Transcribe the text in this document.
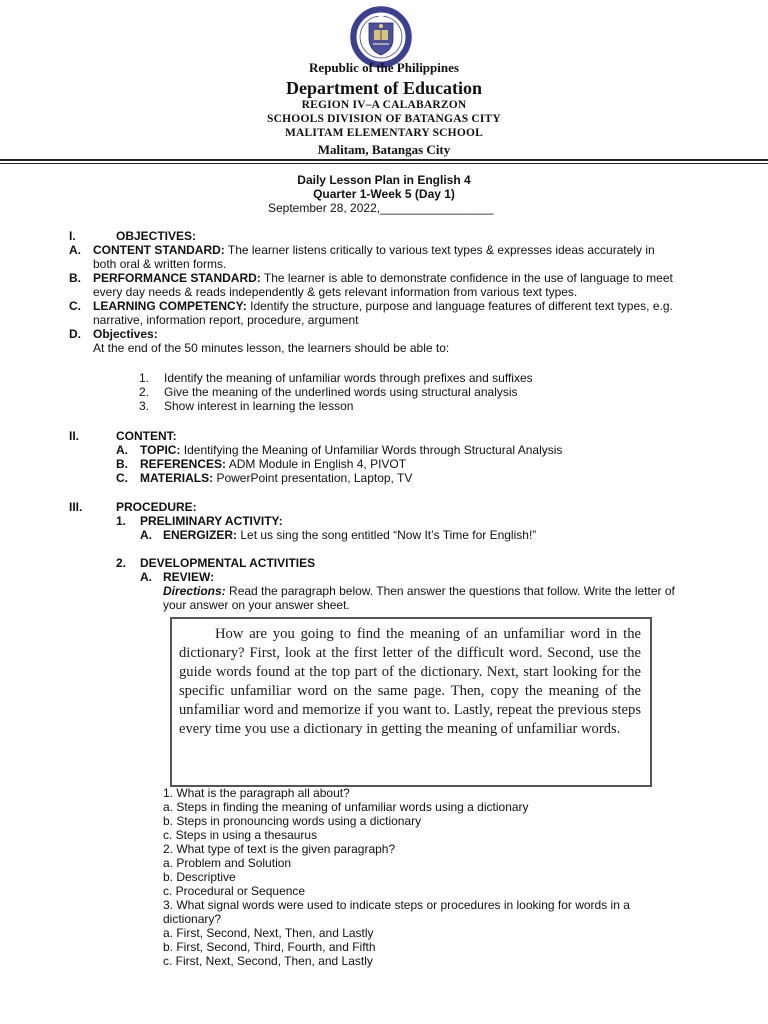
Republic of the Philippines
Department of Education
REGION IV–A CALABARZON
SCHOOLS DIVISION OF BATANGAS CITY
MALITAM ELEMENTARY SCHOOL
Malitam, Batangas City
Daily Lesson Plan in English 4
Quarter 1-Week 5 (Day 1)
September 28, 2022,_________________
I.	OBJECTIVES:
A. CONTENT STANDARD: The learner listens critically to various text types & expresses ideas accurately in
both oral & written forms.
B. PERFORMANCE STANDARD: The learner is able to demonstrate confidence in the use of language to meet
every day needs & reads independently & gets relevant information from various text types.
C. LEARNING COMPETENCY: Identify the structure, purpose and language features of different text types, e.g.
narrative, information report, procedure, argument
D. Objectives:
At the end of the 50 minutes lesson, the learners should be able to:
1. Identify the meaning of unfamiliar words through prefixes and suffixes
2. Give the meaning of the underlined words using structural analysis
3. Show interest in learning the lesson
II.	CONTENT:
A. TOPIC: Identifying the Meaning of Unfamiliar Words through Structural Analysis
B. REFERENCES: ADM Module in English 4, PIVOT
C. MATERIALS: PowerPoint presentation, Laptop, TV
III.	PROCEDURE:
1. PRELIMINARY ACTIVITY:
A. ENERGIZER: Let us sing the song entitled “Now It’s Time for English!”
2. DEVELOPMENTAL ACTIVITIES
A. REVIEW:
Directions: Read the paragraph below. Then answer the questions that follow. Write the letter of
your answer on your answer sheet.
How are you going to find the meaning of an unfamiliar word in the dictionary? First, look at the first letter of the difficult word. Second, use the guide words found at the top part of the dictionary. Next, start looking for the specific unfamiliar word on the same page. Then, copy the meaning of the unfamiliar word and memorize if you want to. Lastly, repeat the previous steps every time you use a dictionary in getting the meaning of unfamiliar words.
1. What is the paragraph all about?
a. Steps in finding the meaning of unfamiliar words using a dictionary
b. Steps in pronouncing words using a dictionary
c. Steps in using a thesaurus
2. What type of text is the given paragraph?
a. Problem and Solution
b. Descriptive
c. Procedural or Sequence
3. What signal words were used to indicate steps or procedures in looking for words in a
dictionary?
a. First, Second, Next, Then, and Lastly
b. First, Second, Third, Fourth, and Fifth
c. First, Next, Second, Then, and Lastly
